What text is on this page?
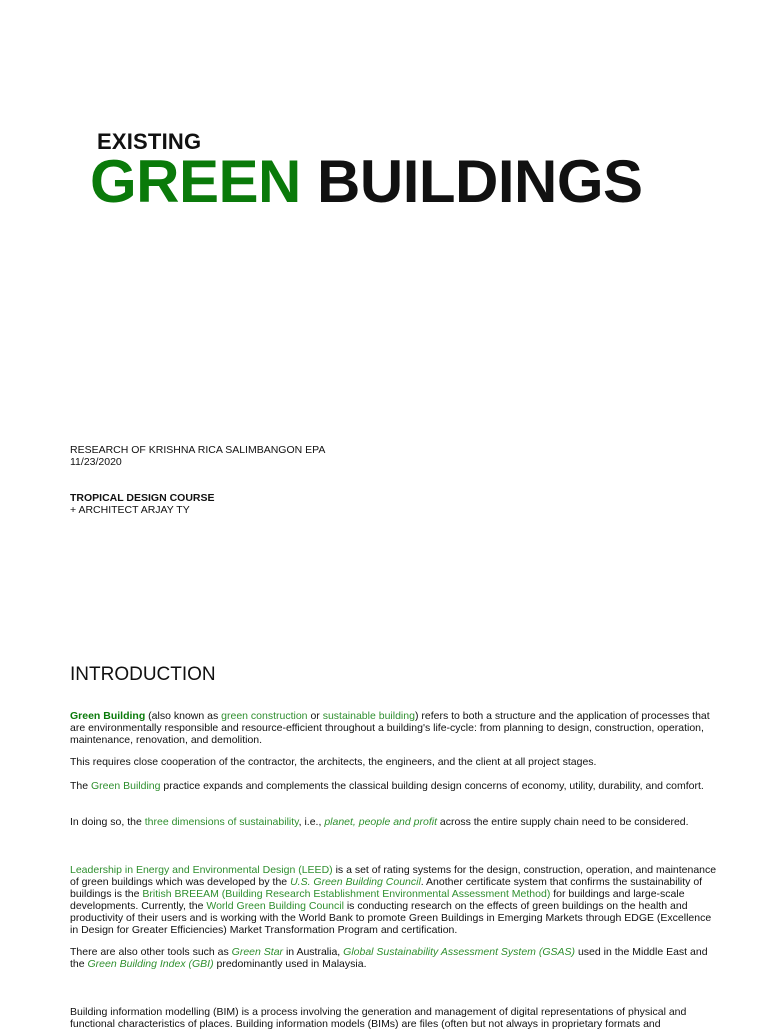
EXISTING
GREEN BUILDINGS
RESEARCH OF KRISHNA RICA SALIMBANGON EPA
11/23/2020
TROPICAL DESIGN COURSE
+ ARCHITECT ARJAY TY
INTRODUCTION
Green Building (also known as green construction or sustainable building) refers to both a structure and the application of processes that are environmentally responsible and resource-efficient throughout a building's life-cycle: from planning to design, construction, operation, maintenance, renovation, and demolition.
This requires close cooperation of the contractor, the architects, the engineers, and the client at all project stages.
The Green Building practice expands and complements the classical building design concerns of economy, utility, durability, and comfort.
In doing so, the three dimensions of sustainability, i.e., planet, people and profit across the entire supply chain need to be considered.
Leadership in Energy and Environmental Design (LEED) is a set of rating systems for the design, construction, operation, and maintenance of green buildings which was developed by the U.S. Green Building Council. Another certificate system that confirms the sustainability of buildings is the British BREEAM (Building Research Establishment Environmental Assessment Method) for buildings and large-scale developments. Currently, the World Green Building Council is conducting research on the effects of green buildings on the health and productivity of their users and is working with the World Bank to promote Green Buildings in Emerging Markets through EDGE (Excellence in Design for Greater Efficiencies) Market Transformation Program and certification.
There are also other tools such as Green Star in Australia, Global Sustainability Assessment System (GSAS) used in the Middle East and the Green Building Index (GBI) predominantly used in Malaysia.
Building information modelling (BIM) is a process involving the generation and management of digital representations of physical and functional characteristics of places. Building information models (BIMs) are files (often but not always in proprietary formats and
